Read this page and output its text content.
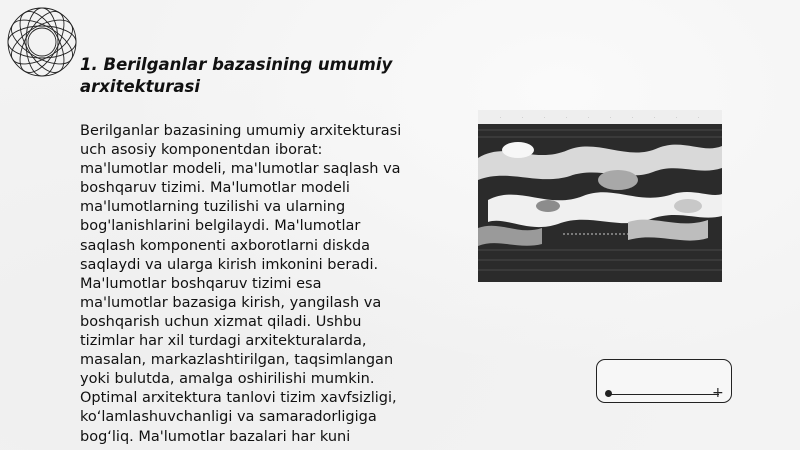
1. Berilganlar bazasining umumiy arxitekturasi

Berilganlar bazasining umumiy arxitekturasi
uch asosiy komponentdan iborat:
ma'lumotlar modeli, ma'lumotlar saqlash va
boshqaruv tizimi. Ma'lumotlar modeli
ma'lumotlarning tuzilishi va ularning
bog'lanishlarini belgilaydi. Ma'lumotlar
saqlash komponenti axborotlarni diskda
saqlaydi va ularga kirish imkonini beradi.
Ma'lumotlar boshqaruv tizimi esa
ma'lumotlar bazasiga kirish, yangilash va
boshqarish uchun xizmat qiladi. Ushbu
tizimlar har xil turdagi arxitekturalarda,
masalan, markazlashtirilgan, taqsimlangan
yoki bulutda, amalga oshirilishi mumkin.
Optimal arxitektura tanlovi tizim xavfsizligi,
ko‘lamlashuvchanligi va samaradorligiga
bog‘liq. Ma'lumotlar bazalari har kuni

·	·	·	·	·	·	·	·	·	·
+
